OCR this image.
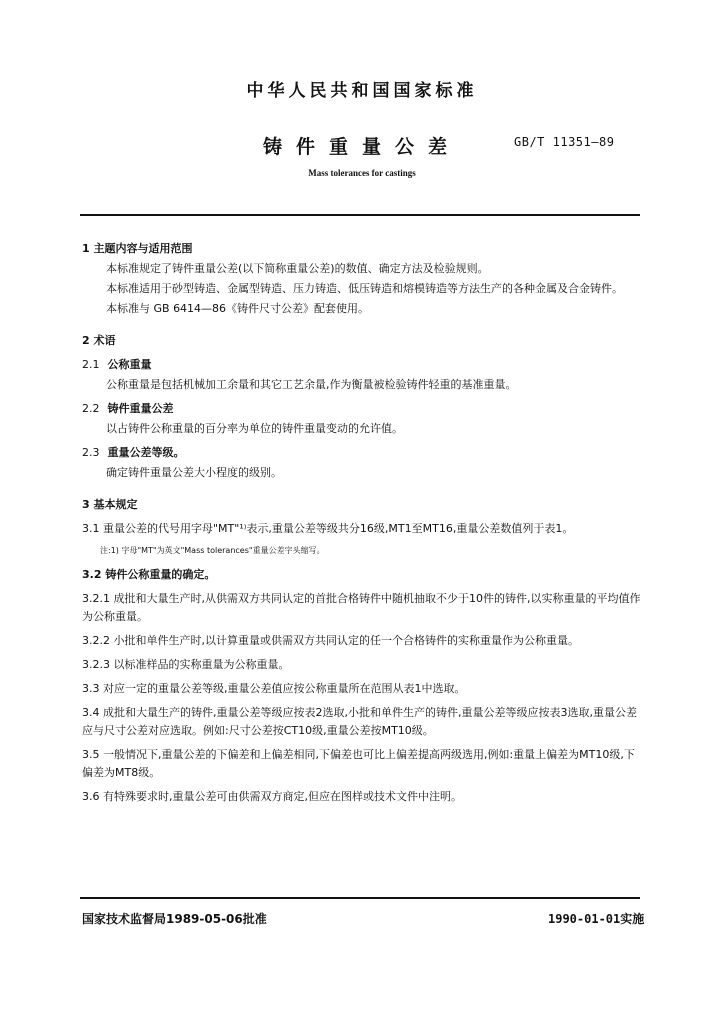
中华人民共和国国家标准
铸件重量公差	GB/T 11351—89
Mass tolerances for castings
1 主题内容与适用范围
本标准规定了铸件重量公差(以下简称重量公差)的数值、确定方法及检验规则。
本标准适用于砂型铸造、金属型铸造、压力铸造、低压铸造和熔模铸造等方法生产的各种金属及合金铸件。
本标准与 GB 6414—86《铸件尺寸公差》配套使用。
2 术语
2.1 公称重量
公称重量是包括机械加工余量和其它工艺余量,作为衡量被检验铸件轻重的基准重量。
2.2 铸件重量公差
以占铸件公称重量的百分率为单位的铸件重量变动的允许值。
2.3 重量公差等级。
确定铸件重量公差大小程度的级别。
3 基本规定
3.1 重量公差的代号用字母"MT"¹⁾表示,重量公差等级共分16级,MT1至MT16,重量公差数值列于表1。
注:1) 字母"MT"为英文"Mass tolerances"重量公差字头缩写。
3.2 铸件公称重量的确定。
3.2.1 成批和大量生产时,从供需双方共同认定的首批合格铸件中随机抽取不少于10件的铸件,以实称重量的平均值作为公称重量。
3.2.2 小批和单件生产时,以计算重量或供需双方共同认定的任一个合格铸件的实称重量作为公称重量。
3.2.3 以标准样品的实称重量为公称重量。
3.3 对应一定的重量公差等级,重量公差值应按公称重量所在范围从表1中选取。
3.4 成批和大量生产的铸件,重量公差等级应按表2选取,小批和单件生产的铸件,重量公差等级应按表3选取,重量公差应与尺寸公差对应选取。例如:尺寸公差按CT10级,重量公差按MT10级。
3.5 一般情况下,重量公差的下偏差和上偏差相同,下偏差也可比上偏差提高两级选用,例如:重量上偏差为MT10级,下偏差为MT8级。
3.6 有特殊要求时,重量公差可由供需双方商定,但应在图样或技术文件中注明。
国家技术监督局1989-05-06批准	1990-01-01实施
